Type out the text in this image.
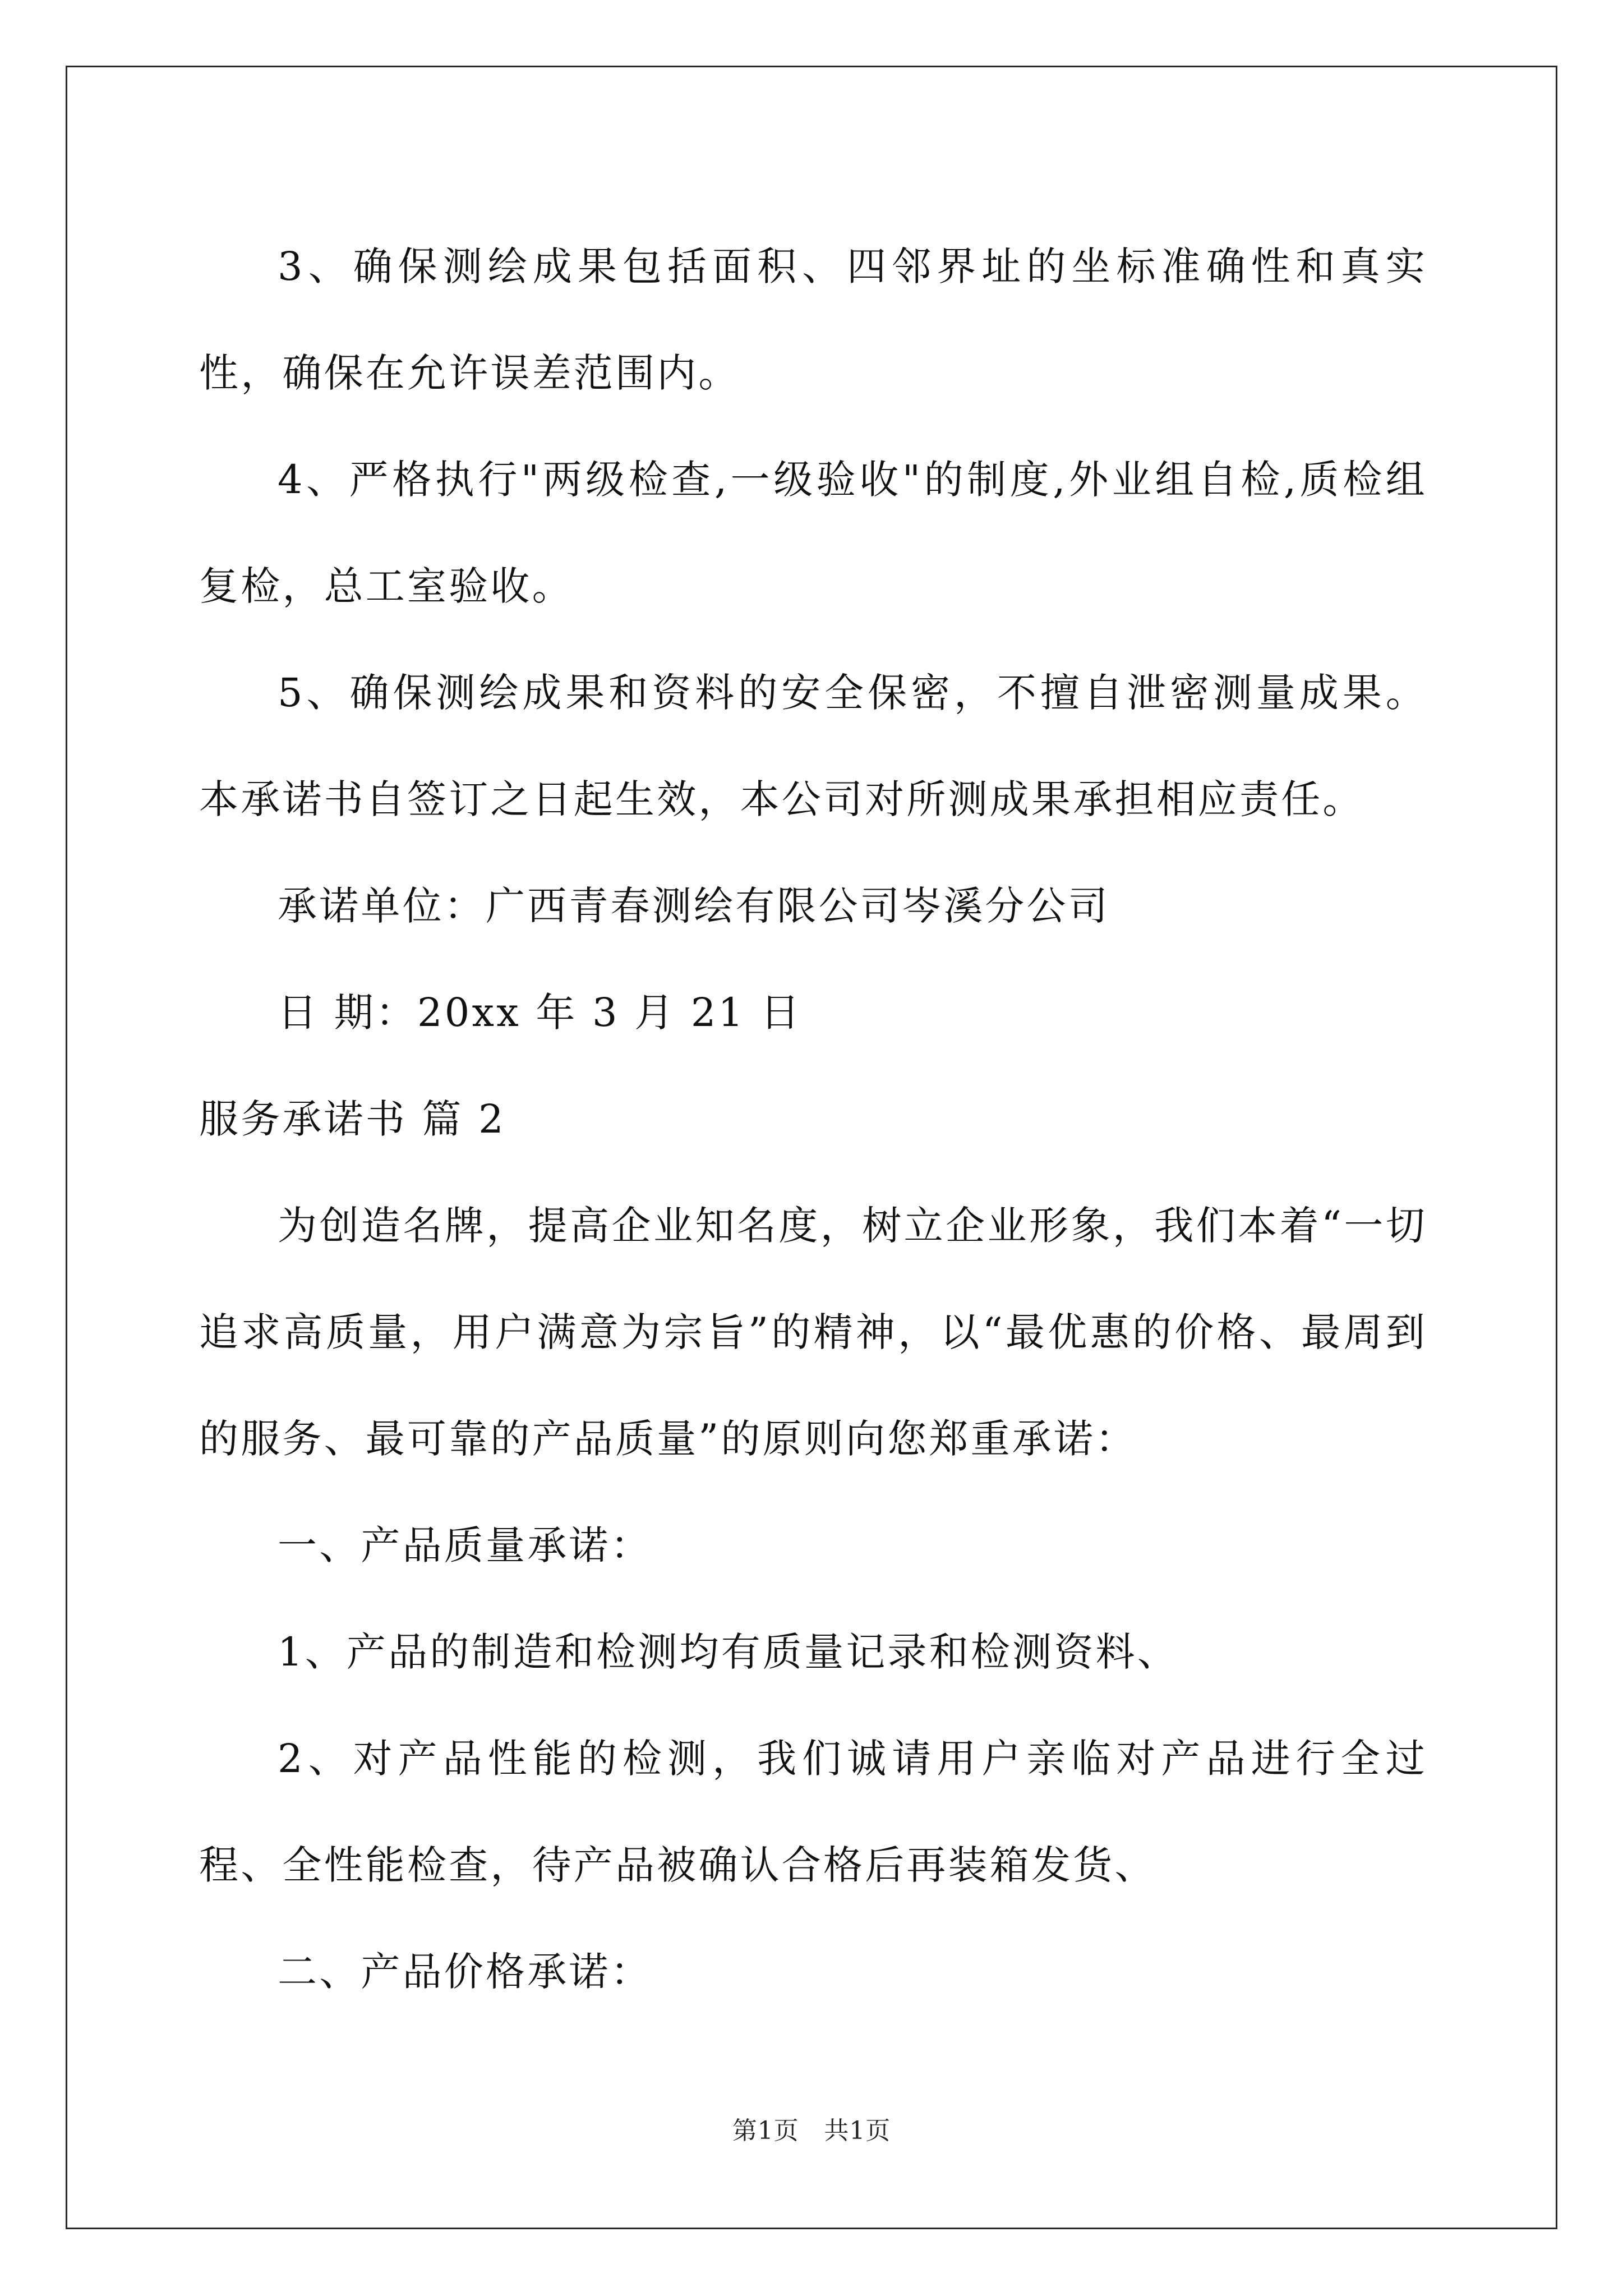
3、确保测绘成果包括面积、四邻界址的坐标准确性和真实性，确保在允许误差范围内。

4、严格执行"两级检查,一级验收"的制度,外业组自检,质检组复检，总工室验收。

5、确保测绘成果和资料的安全保密，不擅自泄密测量成果。 本承诺书自签订之日起生效，本公司对所测成果承担相应责任。

承诺单位：广西青春测绘有限公司岑溪分公司

日 期：20xx 年 3 月 21 日

服务承诺书 篇 2

为创造名牌，提高企业知名度，树立企业形象，我们本着“一切追求高质量，用户满意为宗旨”的精神，以“最优惠的价格、最周到的服务、最可靠的产品质量”的原则向您郑重承诺：

一、产品质量承诺：

1、产品的制造和检测均有质量记录和检测资料、

2、对产品性能的检测，我们诚请用户亲临对产品进行全过程、全性能检查，待产品被确认合格后再装箱发货、

二、产品价格承诺：

第1页　共1页
